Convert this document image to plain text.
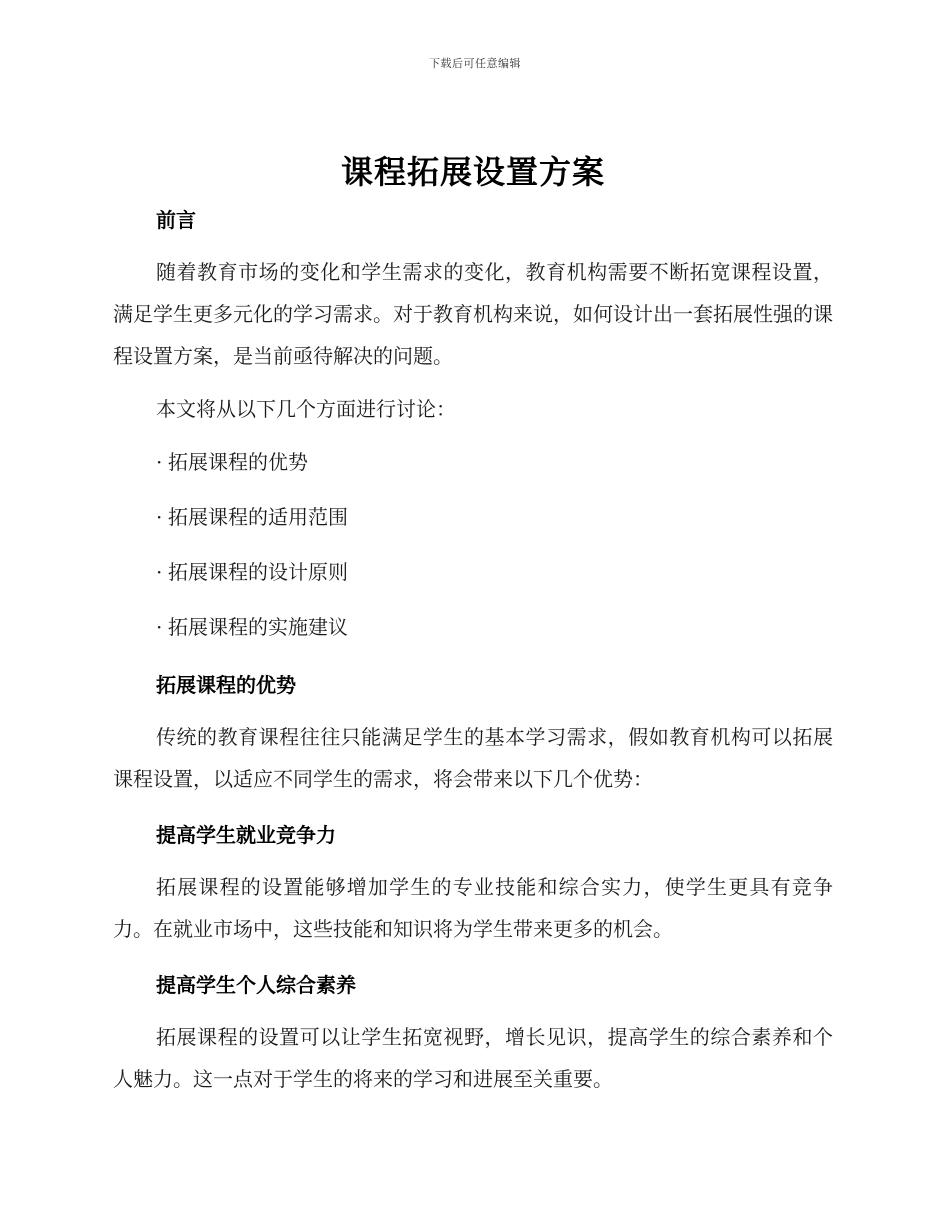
下载后可任意编辑
课程拓展设置方案
前言

随着教育市场的变化和学生需求的变化，教育机构需要不断拓宽课程设置，满足学生更多元化的学习需求。对于教育机构来说，如何设计出一套拓展性强的课程设置方案，是当前亟待解决的问题。

本文将从以下几个方面进行讨论：

· 拓展课程的优势

· 拓展课程的适用范围

· 拓展课程的设计原则

· 拓展课程的实施建议

拓展课程的优势

传统的教育课程往往只能满足学生的基本学习需求，假如教育机构可以拓展课程设置，以适应不同学生的需求，将会带来以下几个优势：

提高学生就业竞争力

拓展课程的设置能够增加学生的专业技能和综合实力，使学生更具有竞争力。在就业市场中，这些技能和知识将为学生带来更多的机会。

提高学生个人综合素养

拓展课程的设置可以让学生拓宽视野，增长见识，提高学生的综合素养和个人魅力。这一点对于学生的将来的学习和进展至关重要。
